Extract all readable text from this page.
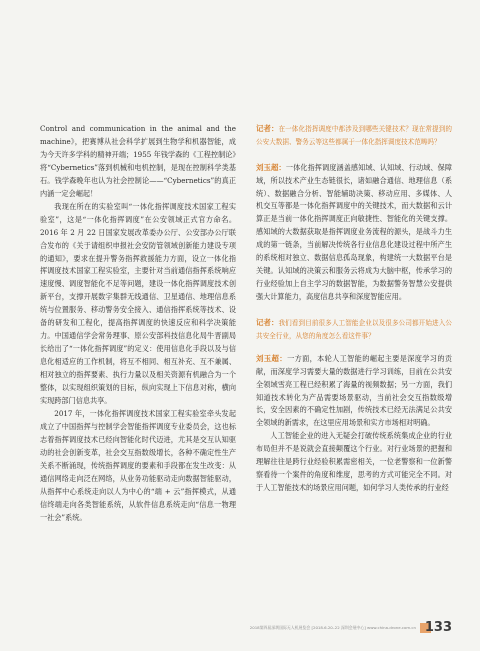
Control and communication in the animal and the machine》，把赛博从社会科学扩展到生物学和机器智能，成为今天许多学科的精神开端；1955 年钱学森的《工程控制论》将“Cybernetics”落到机械和电机控制，是现在控制科学类基石。钱学森晚年也认为社会控制论——“Cybernetics”的真正内涵一定会崛起！

我现在所在的实验室叫“一体化指挥调度技术国家工程实验室”，这是“一体化指挥调度”在公安领域正式官方命名。2016 年 2 月 22 日国家发展改革委办公厅、公安部办公厅联合发布的《关于请组织申报社会安防管领域创新能力建设专项的通知》，要求在提升警务指挥救援能力方面，设立一体化指挥调度技术国家工程实验室，主要针对当前通信指挥系统响应速度慢、调度智能化不足等问题，建设一体化指挥调度技术创新平台，支撑开展数字集群无线通信、卫星通信、地理信息系统与位置服务、移动警务安全接入、通信指挥系统等技术、设备的研发和工程化，提高指挥调度的快速反应和科学决策能力。中国通信学会常务理事、原公安部科技信息化局牛晋副局长给出了“一体化指挥调度”的定义：使用信息化手段以及与信息化相适应的工作机制，将互不相同、相互补充、互不兼属、相对独立的指挥要素、执行力量以及相关资源有机融合为一个整体，以实现组织策划的目标，纵向实现上下信息对称，横向实现跨部门信息共享。

2017 年，一体化指挥调度技术国家工程实验室牵头发起成立了中国指挥与控制学会智能指挥调度专业委员会，这也标志着指挥调度技术已经向智能化时代迈进，尤其是交互认知驱动的社会创新变革，社会交互指数级增长，各种不确定性生产关系不断涌现，传统指挥调度的要素和手段都在发生改变：从通信网络走向泛在网络，从业务功能驱动走向数据智能驱动，从指挥中心系统走向以人为中心的“端 + 云”指挥模式，从通信终端走向各类智能系统，从软件信息系统走向“信息一物理一社会”系统。

记者：在一体化指挥调度中都涉及到哪些关键技术？现在常提到的公安大数据、警务云等这些都属于一体化指挥调度技术范畴吗？

刘玉超：一体化指挥调度涵盖感知域、认知域、行动域、保障域，所以技术产业生态链很长，诸如融合通信、地理信息（系统）、数据融合分析、智能辅助决策、移动应用、多媒体、人机交互等都是一体化指挥调度中的关键技术，而大数据和云计算正是当前一体化指挥调度正向敏捷性、智能化的关键支撑。感知域的大数据获取是指挥调度业务流程的源头，是战斗力生成的第一链条，当前解决传统各行业信息化建设过程中所产生的系统相对独立、数据信息孤岛现象，构建统一大数据平台是关键。认知域的决策云和服务云将成为大脑中枢，传承学习的行业经验加上自主学习的数据智能，为数据警务智慧公安提供强大计算能力，高度信息共享和深度智能应用。

记者：我们看到目前很多人工智能企业以及很多公司都开始进入公共安全行业，从您的角度怎么看这件事？

刘玉超：一方面，本轮人工智能的崛起主要是深度学习的贡献，而深度学习需要大量的数据进行学习训练，目前在公共安全领域雪亮工程已经积累了海量的视频数据；另一方面，我们知道技术转化为产品需要场景驱动，当前社会交互指数级增长，安全因素的不确定性加剧，传统技术已经无法满足公共安全领域的新需求，在这里应用场景和实方市场相对明确。

人工智能企业的进入无疑会打破传统系统集成企业的行业布局但并不是说就会直接颠覆这个行业。对行业场景的把握和理解往往是跨行业经验积累需密相关，一位老警察和一位新警察看待一个案件的角度和维度，思考的方式可能完全不同。对于人工智能技术的场景应用问题，如何学习人类传承的行业经

2018第四届深圳国际无人机展览会 [2018.6.20–22 深圳会展中心] www.china-drone.com.cn 133
